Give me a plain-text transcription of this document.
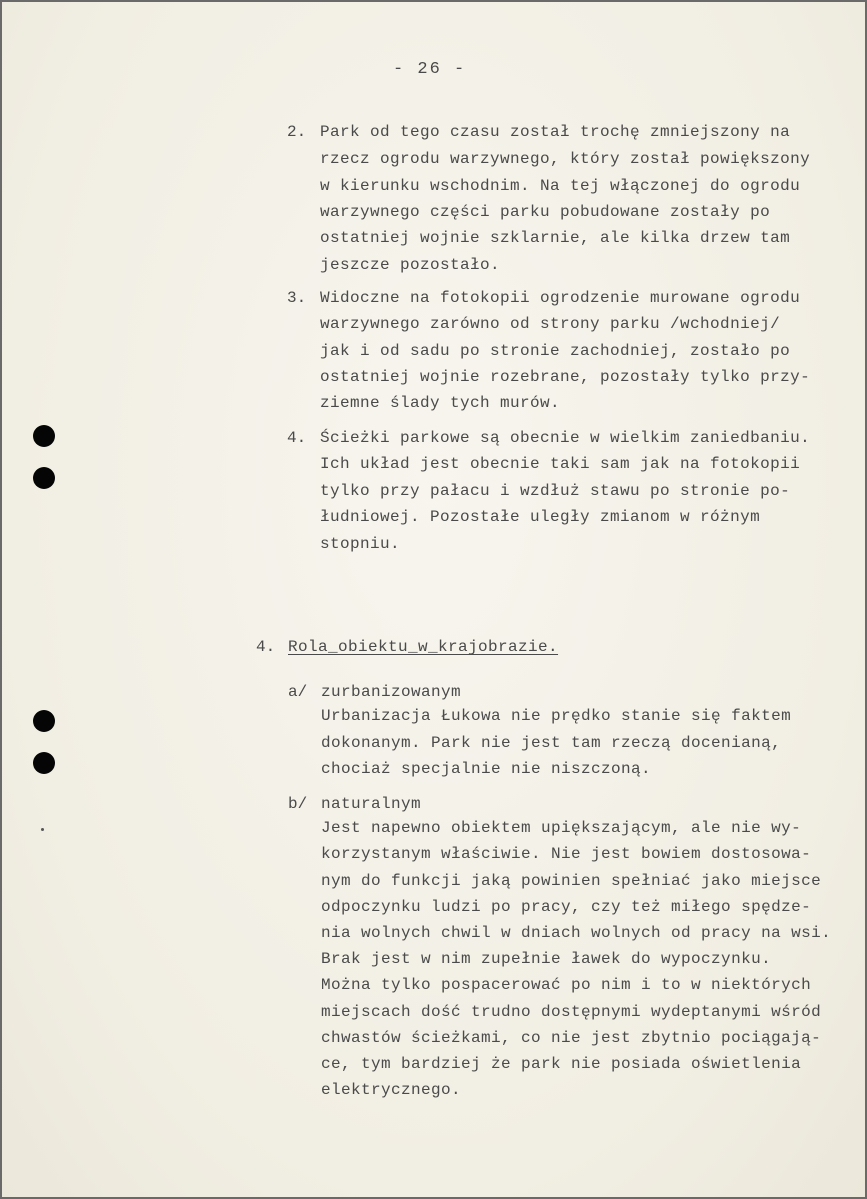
- 26 -
2. Park od tego czasu został trochę zmniejszony na
rzecz ogrodu warzywnego, który został powiększony
w kierunku wschodnim. Na tej włączonej do ogrodu
warzywnego części parku pobudowane zostały po
ostatniej wojnie szklarnie, ale kilka drzew tam
jeszcze pozostało.
3. Widoczne na fotokopii ogrodzenie murowane ogrodu
warzywnego zarówno od strony parku /wchodniej/
jak i od sadu po stronie zachodniej, zostało po
ostatniej wojnie rozebrane, pozostały tylko przy-
ziemne ślady tych murów.
4. Ścieżki parkowe są obecnie w wielkim zaniedbaniu.
Ich układ jest obecnie taki sam jak na fotokopii
tylko przy pałacu i wzdłuż stawu po stronie po-
łudniowej. Pozostałe uległy zmianom w różnym
stopniu.
4. Rola_obiektu_w_krajobrazie.
a/ zurbanizowanym
Urbanizacja Łukowa nie prędko stanie się faktem
dokonanym. Park nie jest tam rzeczą docenianą,
chociaż specjalnie nie niszczoną.
b/ naturalnym
Jest napewno obiektem upiększającym, ale nie wy-
korzystanym właściwie. Nie jest bowiem dostosowa-
nym do funkcji jaką powinien spełniać jako miejsce
odpoczynku ludzi po pracy, czy też miłego spędze-
nia wolnych chwil w dniach wolnych od pracy na wsi.
Brak jest w nim zupełnie ławek do wypoczynku.
Można tylko pospacerować po nim i to w niektórych
miejscach dość trudno dostępnymi wydeptanymi wśród
chwastów ścieżkami, co nie jest zbytnio pociągają-
ce, tym bardziej że park nie posiada oświetlenia
elektrycznego.
